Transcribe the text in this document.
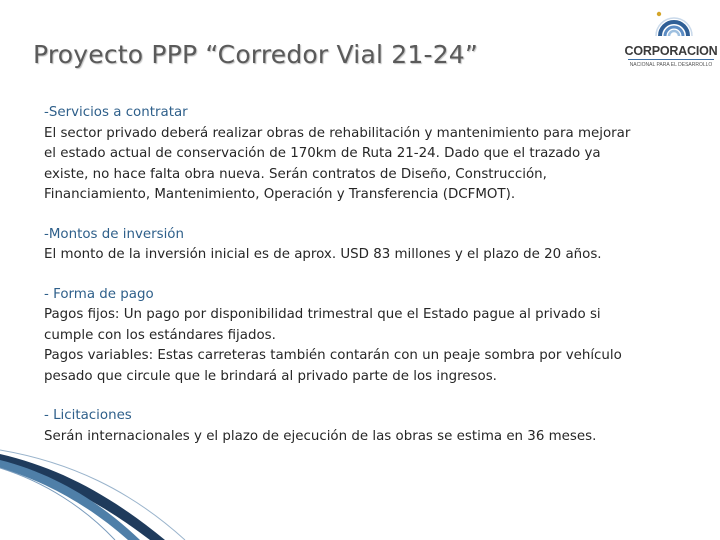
Proyecto PPP “Corredor Vial 21-24”	CORPORACION
NACIONAL PARA EL DESARROLLO
-Servicios a contratar
El sector privado deberá realizar obras de rehabilitación y mantenimiento para mejorar
el estado actual de conservación de 170km de Ruta 21-24. Dado que el trazado ya
existe, no hace falta obra nueva. Serán contratos de Diseño, Construcción,
Financiamiento, Mantenimiento, Operación y Transferencia (DCFMOT).
-Montos de inversión
El monto de la inversión inicial es de aprox. USD 83 millones y el plazo de 20 años.
- Forma de pago
Pagos fijos: Un pago por disponibilidad trimestral que el Estado pague al privado si
cumple con los estándares fijados.
Pagos variables: Estas carreteras también contarán con un peaje sombra por vehículo
pesado que circule que le brindará al privado parte de los ingresos.
- Licitaciones
Serán internacionales y el plazo de ejecución de las obras se estima en 36 meses.
